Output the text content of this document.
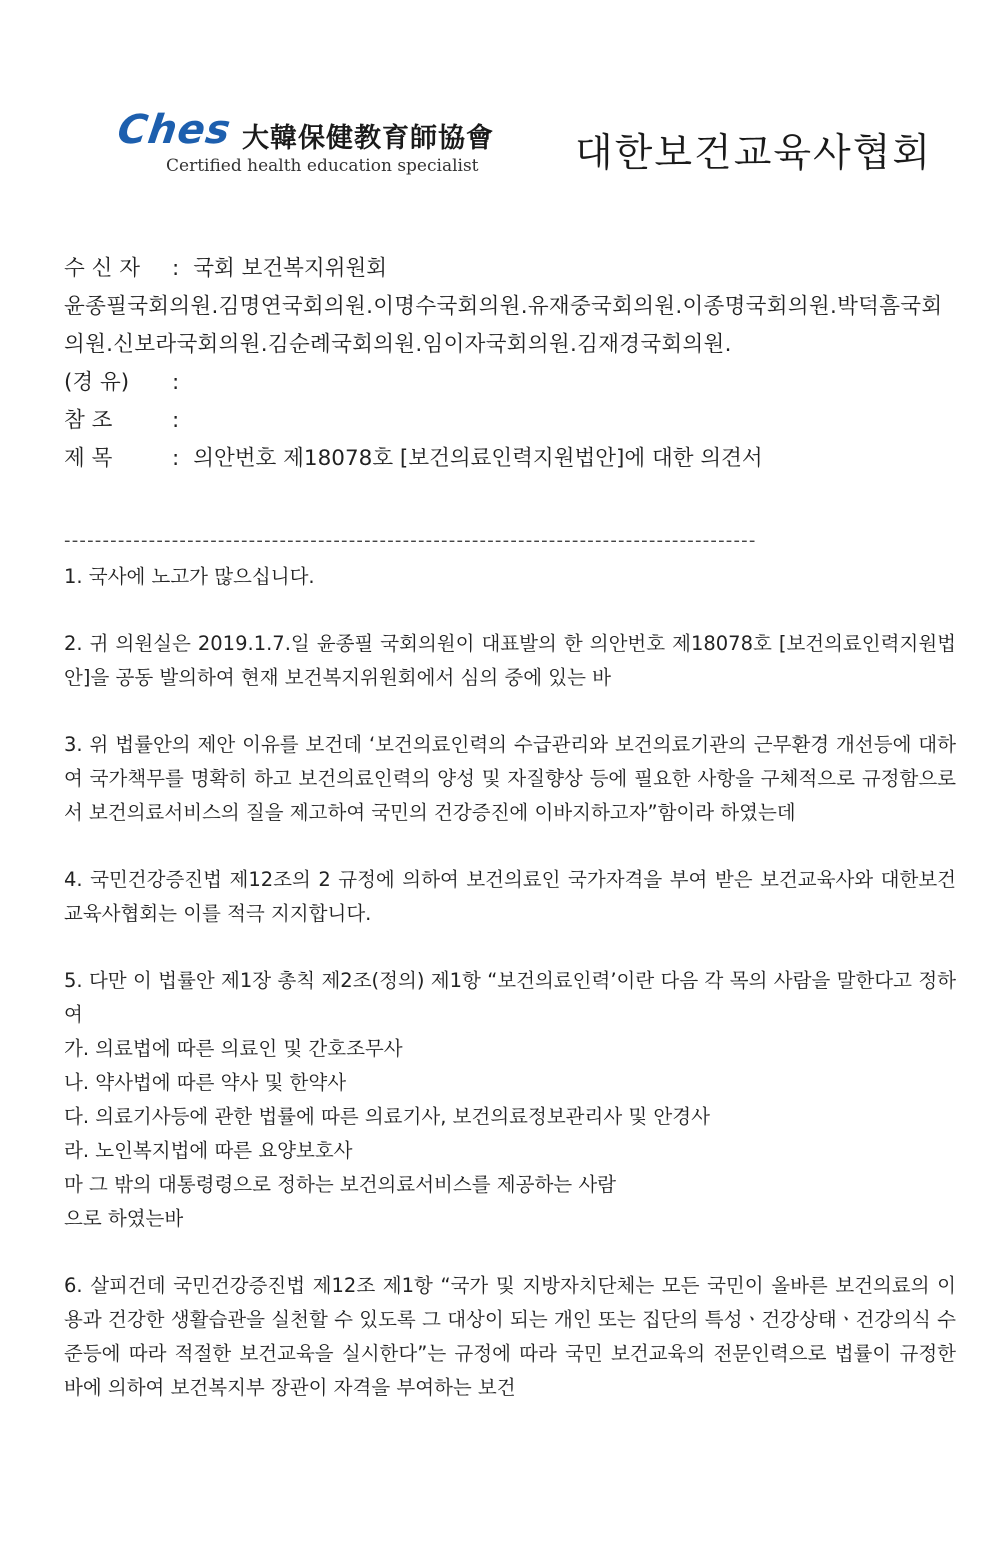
Ches 大韓保健教育師協會
Certified health education specialist 대한보건교육사협회
수 신 자 : 국회 보건복지위원회
윤종필국회의원.김명연국회의원.이명수국회의원.유재중국회의원.이종명국회의원.박덕흠국회의원.신보라국회의원.김순례국회의원.임이자국회의원.김재경국회의원.
(경 유) :
참 조	:
제 목	: 의안번호 제18078호 [보건의료인력지원법안]에 대한 의견서
------------------------------------------------------------------------------------------

1. 국사에 노고가 많으십니다.

2. 귀 의원실은 2019.1.7.일 윤종필 국회의원이 대표발의 한 의안번호 제18078호 [보건의료인력지원법안]을 공동 발의하여 현재 보건복지위원회에서 심의 중에 있는 바

3. 위 법률안의 제안 이유를 보건데 ‘보건의료인력의 수급관리와 보건의료기관의 근무환경 개선등에 대하여 국가책무를 명확히 하고 보건의료인력의 양성 및 자질향상 등에 필요한 사항을 구체적으로 규정함으로서 보건의료서비스의 질을 제고하여 국민의 건강증진에 이바지하고자”함이라 하였는데

4. 국민건강증진법 제12조의 2 규정에 의하여 보건의료인 국가자격을 부여 받은 보건교육사와 대한보건교육사협회는 이를 적극 지지합니다.

5. 다만 이 법률안 제1장 총칙 제2조(정의) 제1항 “보건의료인력’이란 다음 각 목의 사람을 말한다고 정하여

가. 의료법에 따른 의료인 및 간호조무사

나. 약사법에 따른 약사 및 한약사

다. 의료기사등에 관한 법률에 따른 의료기사, 보건의료정보관리사 및 안경사

라. 노인복지법에 따른 요양보호사

마 그 밖의 대통령령으로 정하는 보건의료서비스를 제공하는 사람

으로 하였는바

6. 살피건데 국민건강증진법 제12조 제1항 “국가 및 지방자치단체는 모든 국민이 올바른 보건의료의 이용과 건강한 생활습관을 실천할 수 있도록 그 대상이 되는 개인 또는 집단의 특성ㆍ건강상태ㆍ건강의식 수준등에 따라 적절한 보건교육을 실시한다”는 규정에 따라 국민 보건교육의 전문인력으로 법률이 규정한 바에 의하여 보건복지부 장관이 자격을 부여하는 보건
